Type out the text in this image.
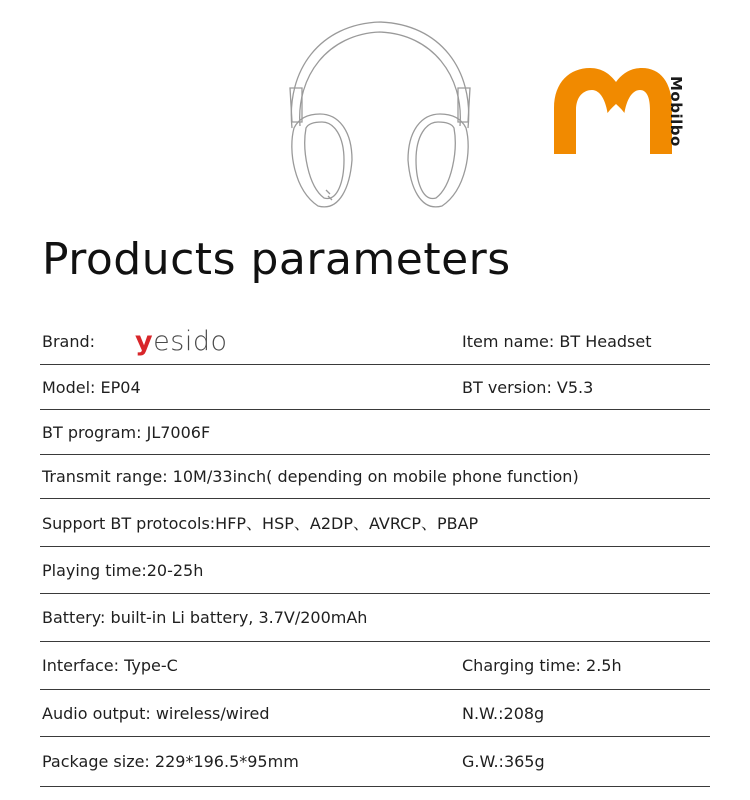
Mobilbo
Products parameters
Brand: yesido	Item name: BT Headset
Model: EP04	BT version: V5.3
BT program: JL7006F
Transmit range: 10M/33inch( depending on mobile phone function)
Support BT protocols:HFP、HSP、A2DP、AVRCP、PBAP
Playing time:20-25h
Battery: built-in Li battery, 3.7V/200mAh
Interface: Type-C	Charging time: 2.5h
Audio output: wireless/wired	N.W.:208g
Package size: 229*196.5*95mm	G.W.:365g
